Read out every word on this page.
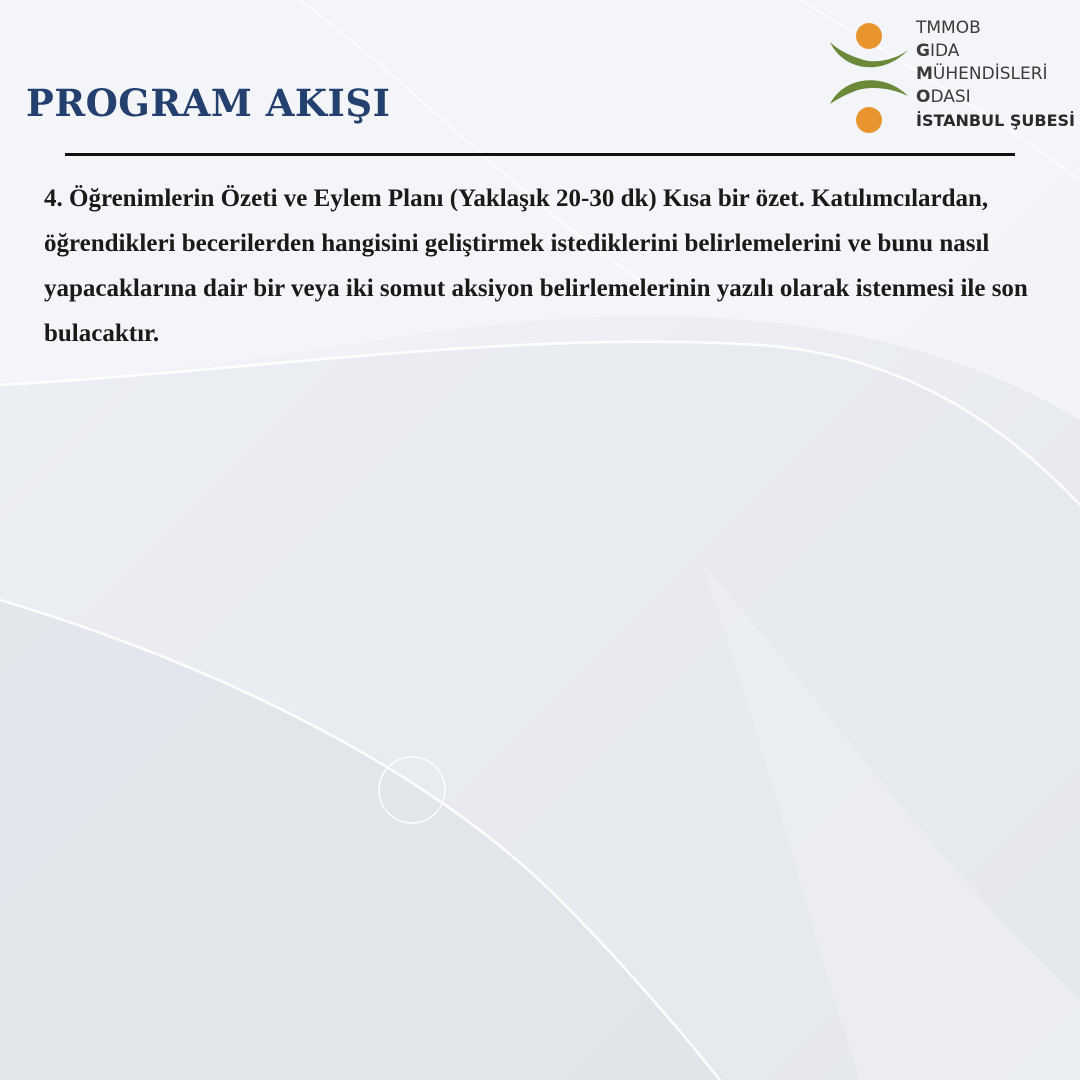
PROGRAM AKIŞI
TMMOB
GIDA
MÜHENDİSLERİ
ODASI
İSTANBUL ŞUBESİ

4. Öğrenimlerin Özeti ve Eylem Planı (Yaklaşık 20-30 dk) Kısa bir özet. Katılımcılardan, öğrendikleri becerilerden hangisini geliştirmek istediklerini belirlemelerini ve bunu nasıl yapacaklarına dair bir veya iki somut aksiyon belirlemelerinin yazılı olarak istenmesi ile son bulacaktır.
